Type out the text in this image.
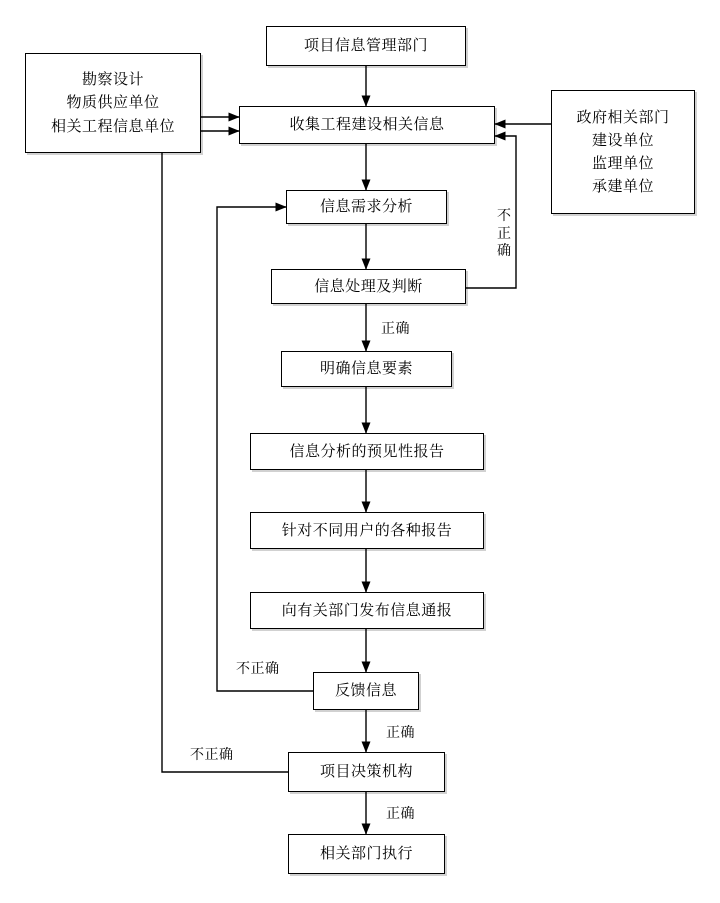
项目信息管理部门
勘察设计
物质供应单位
相关工程信息单位
政府相关部门
建设单位
监理单位
承建单位
收集工程建设相关信息
信息需求分析
信息处理及判断
明确信息要素
信息分析的预见性报告
针对不同用户的各种报告
向有关部门发布信息通报
反馈信息
项目决策机构
相关部门执行
不正确
正确
不正确
正确
不正确
正确
